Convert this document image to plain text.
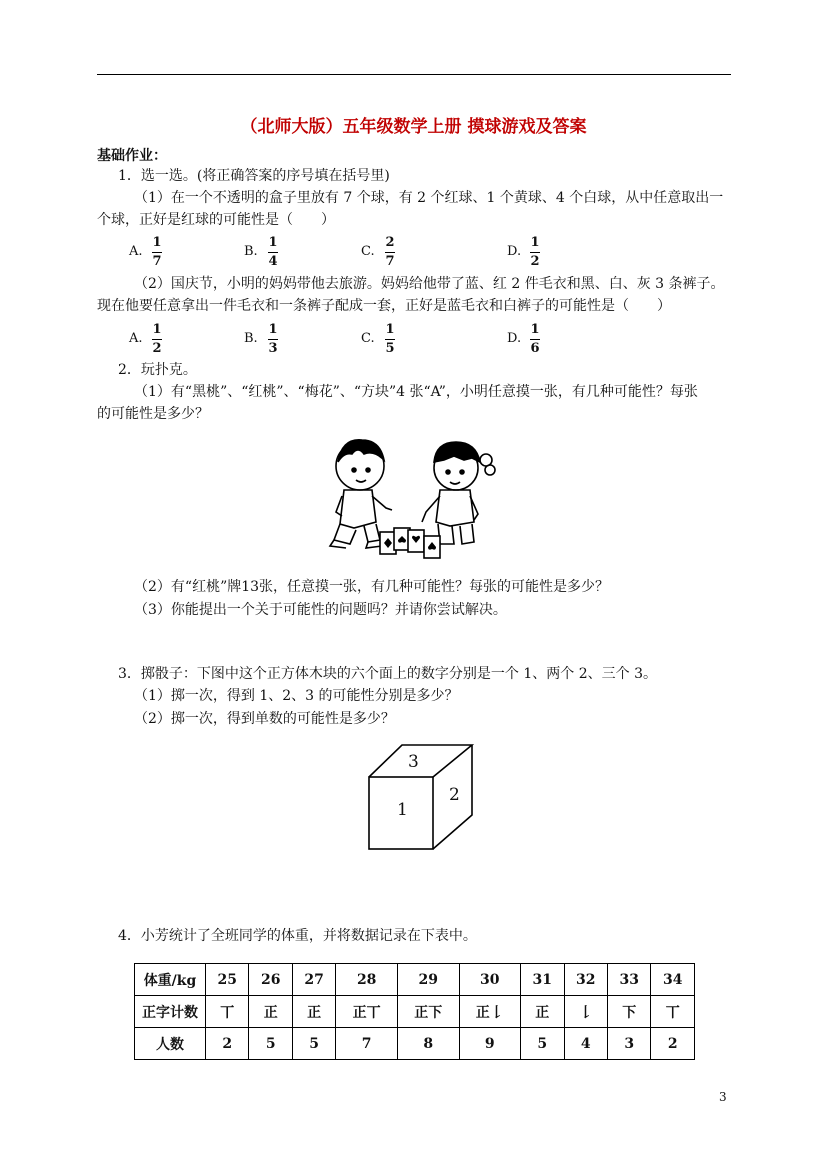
（北师大版）五年级数学上册 摸球游戏及答案
基础作业：
1．选一选。(将正确答案的序号填在括号里)
（1）在一个不透明的盒子里放有 7 个球，有 2 个红球、1 个黄球、4 个白球，从中任意取出一
个球，正好是红球的可能性是（　　）
A.
1
7
B.
1
4
C.
2
7
D.
1
2
（2）国庆节，小明的妈妈带他去旅游。妈妈给他带了蓝、红 2 件毛衣和黑、白、灰 3 条裤子。
现在他要任意拿出一件毛衣和一条裤子配成一套，正好是蓝毛衣和白裤子的可能性是（　　）
A.
1
2
B.
1
3
C.
1
5
D.
1
6
2．玩扑克。
（1）有“黑桃”、“红桃”、“梅花”、“方块”4 张“A”，小明任意摸一张，有几种可能性？每张
的可能性是多少？
（2）有“红桃”牌13张，任意摸一张，有几种可能性？每张的可能性是多少？
（3）你能提出一个关于可能性的问题吗？并请你尝试解决。
3．掷骰子：下图中这个正方体木块的六个面上的数字分别是一个 1、两个 2、三个 3。
（1）掷一次，得到 1、2、3 的可能性分别是多少？
（2）掷一次，得到单数的可能性是多少？
3
2
1
4．小芳统计了全班同学的体重，并将数据记录在下表中。
体重/kg	25	26	27	28	29	30	31	32	33	34
正字计数	丅	正	正	正丅	正下	正𠄌	正	𠄌	下	丅
人数	2	5	5	7	8	9	5	4	3	2
3
